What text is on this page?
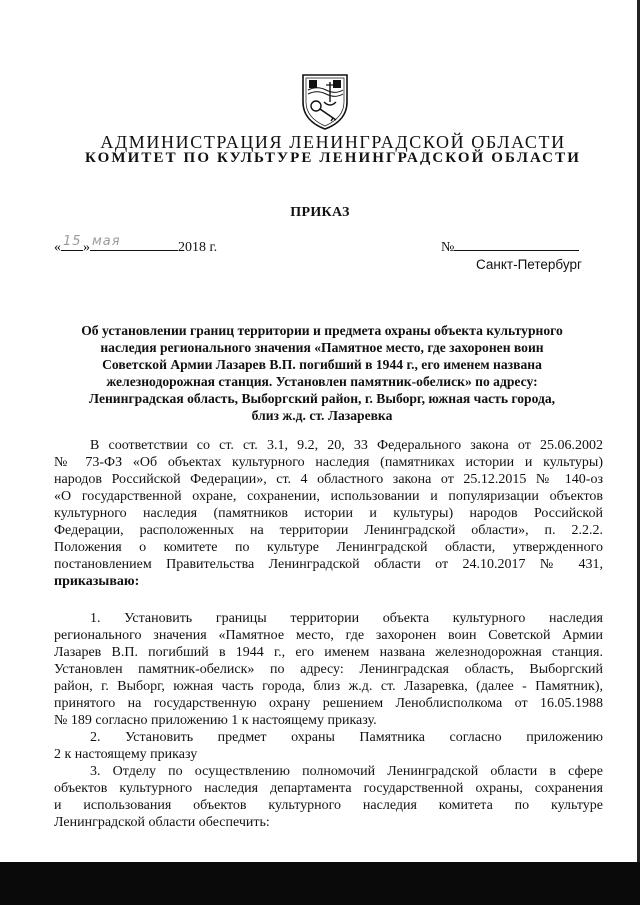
АДМИНИСТРАЦИЯ ЛЕНИНГРАДСКОЙ ОБЛАСТИ
КОМИТЕТ ПО КУЛЬТУРЕ ЛЕНИНГРАДСКОЙ ОБЛАСТИ
ПРИКАЗ
« 15 » мая	2018 г.	№
Санкт-Петербург
Об установлении границ территории и предмета охраны объекта культурного
наследия регионального значения «Памятное место, где захоронен воин
Советской Армии Лазарев В.П. погибший в 1944 г., его именем названа
железнодорожная станция. Установлен памятник-обелиск» по адресу:
Ленинградская область, Выборгский район, г. Выборг, южная часть города,
близ ж.д. ст. Лазаревка
В соответствии со ст. ст. 3.1, 9.2, 20, 33 Федерального закона от 25.06.2002
№ 73-ФЗ «Об объектах культурного наследия (памятниках истории и культуры)
народов Российской Федерации», ст. 4 областного закона от 25.12.2015 № 140-оз
«О государственной охране, сохранении, использовании и популяризации объектов
культурного наследия (памятников истории и культуры) народов Российской
Федерации, расположенных на территории Ленинградской области», п. 2.2.2.
Положения о комитете по культуре Ленинградской области, утвержденного
постановлением Правительства Ленинградской области от 24.10.2017 № 431,
приказываю:
1. Установить границы территории объекта культурного наследия
регионального значения «Памятное место, где захоронен воин Советской Армии
Лазарев В.П. погибший в 1944 г., его именем названа железнодорожная станция.
Установлен памятник-обелиск» по адресу: Ленинградская область, Выборгский
район, г. Выборг, южная часть города, близ ж.д. ст. Лазаревка, (далее - Памятник),
принятого на государственную охрану решением Леноблисполкома от 16.05.1988
№ 189 согласно приложению 1 к настоящему приказу.
2. Установить предмет охраны Памятника согласно приложению
2 к настоящему приказу
3. Отделу по осуществлению полномочий Ленинградской области в сфере
объектов культурного наследия департамента государственной охраны, сохранения
и использования объектов культурного наследия комитета по культуре
Ленинградской области обеспечить:
